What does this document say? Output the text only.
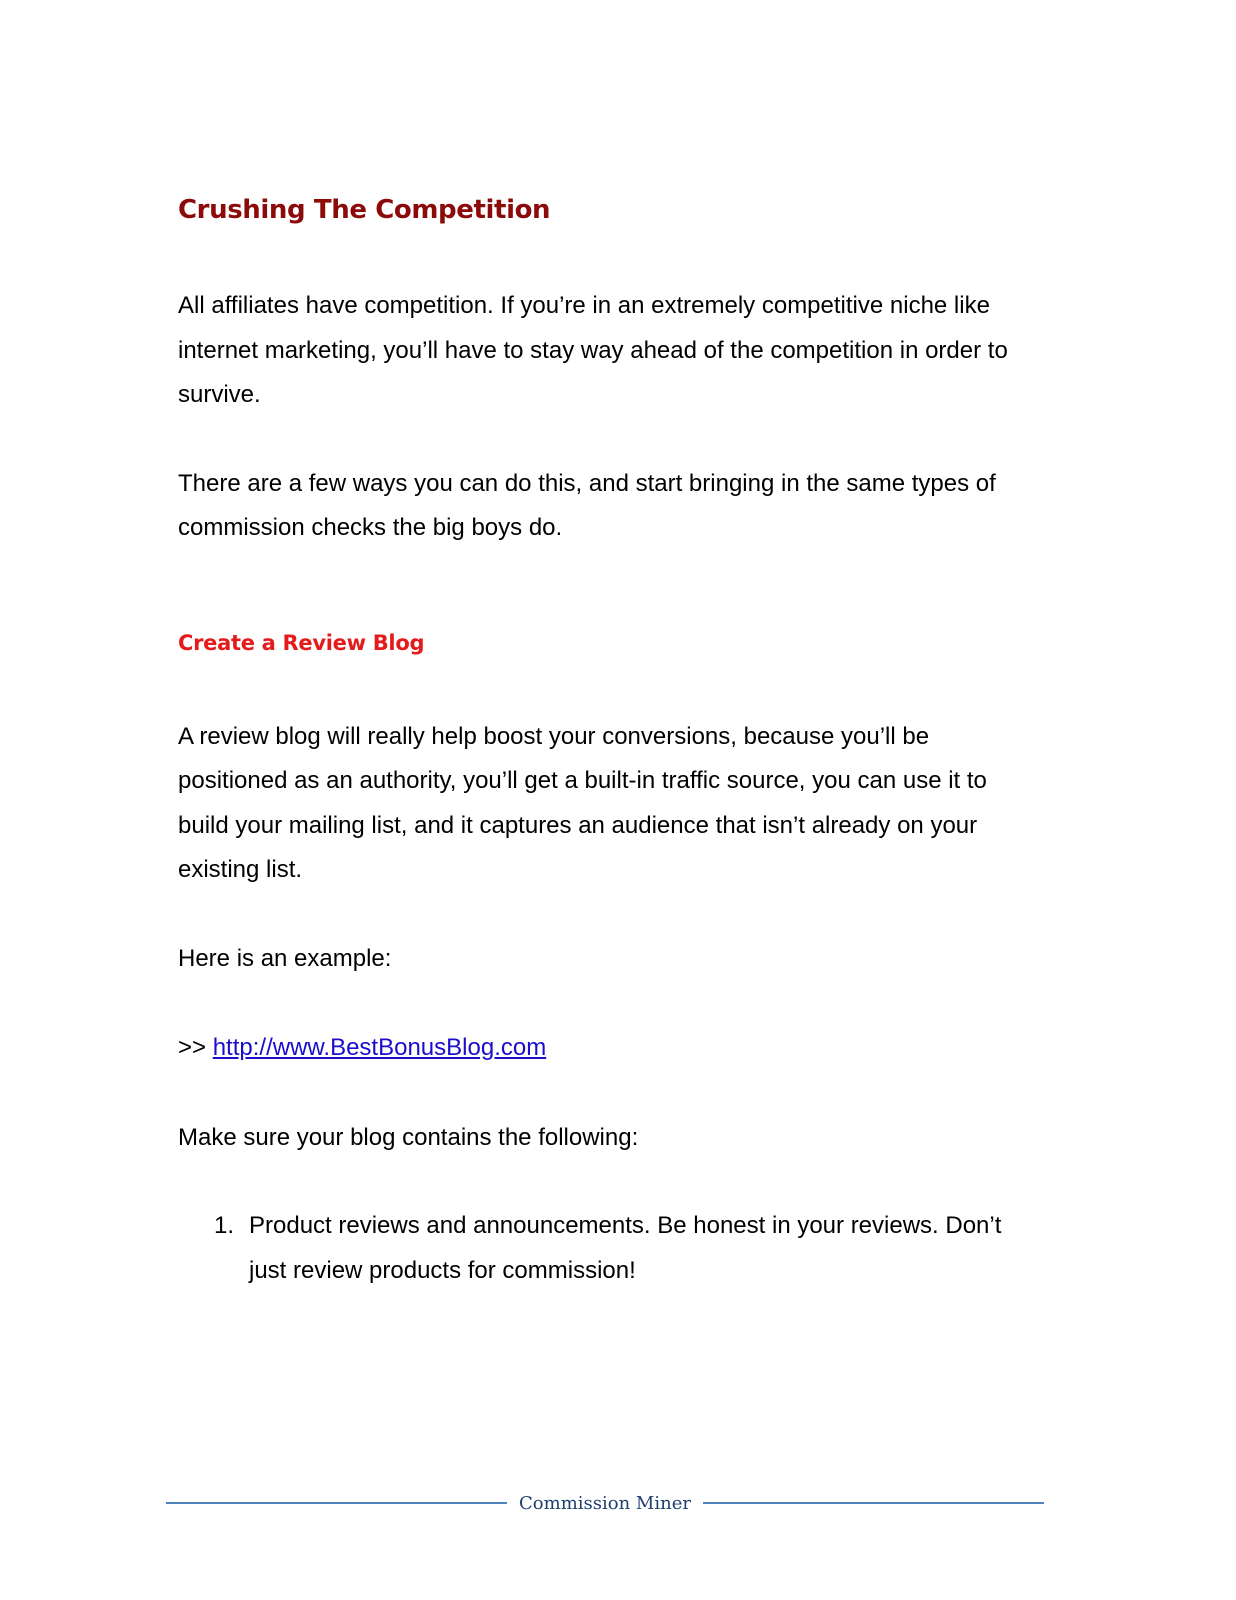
Crushing The Competition

All affiliates have competition. If you’re in an extremely competitive niche like internet marketing, you’ll have to stay way ahead of the competition in order to survive.

There are a few ways you can do this, and start bringing in the same types of commission checks the big boys do.

Create a Review Blog

A review blog will really help boost your conversions, because you’ll be positioned as an authority, you’ll get a built-in traffic source, you can use it to build your mailing list, and it captures an audience that isn’t already on your existing list.

Here is an example:

>> http://www.BestBonusBlog.com

Make sure your blog contains the following:

1. Product reviews and announcements. Be honest in your reviews. Don’t just review products for commission!
Commission Miner
